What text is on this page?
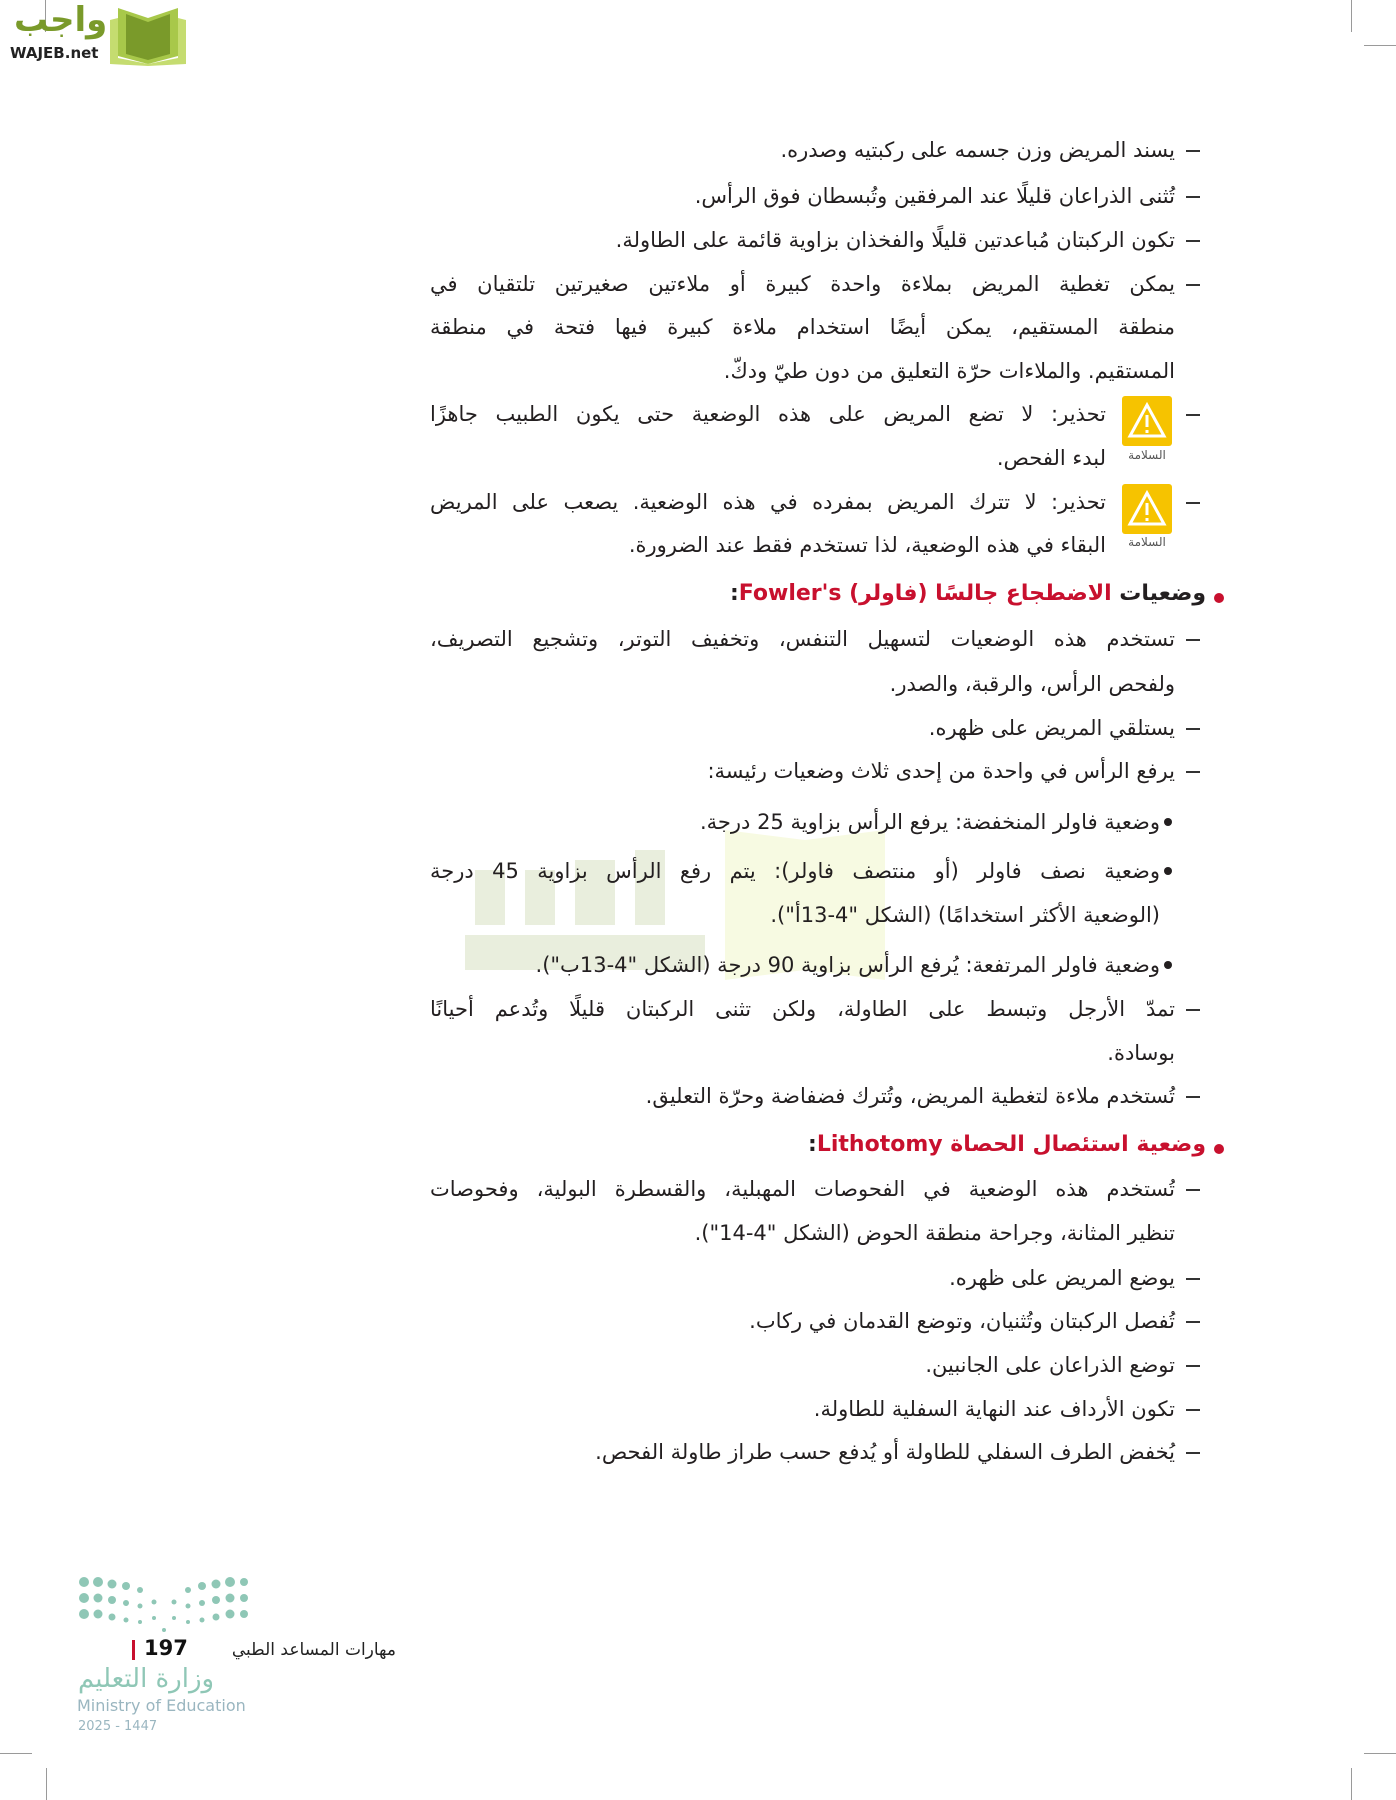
واجب
WAJEB.net
يسند المريض وزن جسمه على ركبتيه وصدره.
تُثنى الذراعان قليلًا عند المرفقين وتُبسطان فوق الرأس.
تكون الركبتان مُباعدتين قليلًا والفخذان بزاوية قائمة على الطاولة.
يمكن تغطية المريض بملاءة واحدة كبيرة أو ملاءتين صغيرتين تلتقيان في
منطقة المستقيم، يمكن أيضًا استخدام ملاءة كبيرة فيها فتحة في منطقة
المستقيم. والملاءات حرّة التعليق من دون طيّ ودكّ.
السلامة
تحذير: لا تضع المريض على هذه الوضعية حتى يكون الطبيب جاهزًا
لبدء الفحص.
السلامة
تحذير: لا تترك المريض بمفرده في هذه الوضعية. يصعب على المريض
البقاء في هذه الوضعية، لذا تستخدم فقط عند الضرورة.
وضعيات الاضطجاع جالسًا (فاولر) Fowler's:
تستخدم هذه الوضعيات لتسهيل التنفس، وتخفيف التوتر، وتشجيع التصريف،
ولفحص الرأس، والرقبة، والصدر.
يستلقي المريض على ظهره.
يرفع الرأس في واحدة من إحدى ثلاث وضعيات رئيسة:
وضعية فاولر المنخفضة: يرفع الرأس بزاوية 25 درجة.
وضعية نصف فاولر (أو منتصف فاولر): يتم رفع الرأس بزاوية 45 درجة
(الوضعية الأكثر استخدامًا) (الشكل "4-13أ").
وضعية فاولر المرتفعة: يُرفع الرأس بزاوية 90 درجة (الشكل "4-13ب").
تمدّ الأرجل وتبسط على الطاولة، ولكن تثنى الركبتان قليلًا وتُدعم أحيانًا
بوسادة.
تُستخدم ملاءة لتغطية المريض، وتُترك فضفاضة وحرّة التعليق.
وضعية استئصال الحصاة Lithotomy:
تُستخدم هذه الوضعية في الفحوصات المهبلية، والقسطرة البولية، وفحوصات
تنظير المثانة، وجراحة منطقة الحوض (الشكل "4-14").
يوضع المريض على ظهره.
تُفصل الركبتان وتُثنيان، وتوضع القدمان في ركاب.
توضع الذراعان على الجانبين.
تكون الأرداف عند النهاية السفلية للطاولة.
يُخفض الطرف السفلي للطاولة أو يُدفع حسب طراز طاولة الفحص.
197	مهارات المساعد الطبي
وزارة التعليم
Ministry of Education
2025 - 1447
